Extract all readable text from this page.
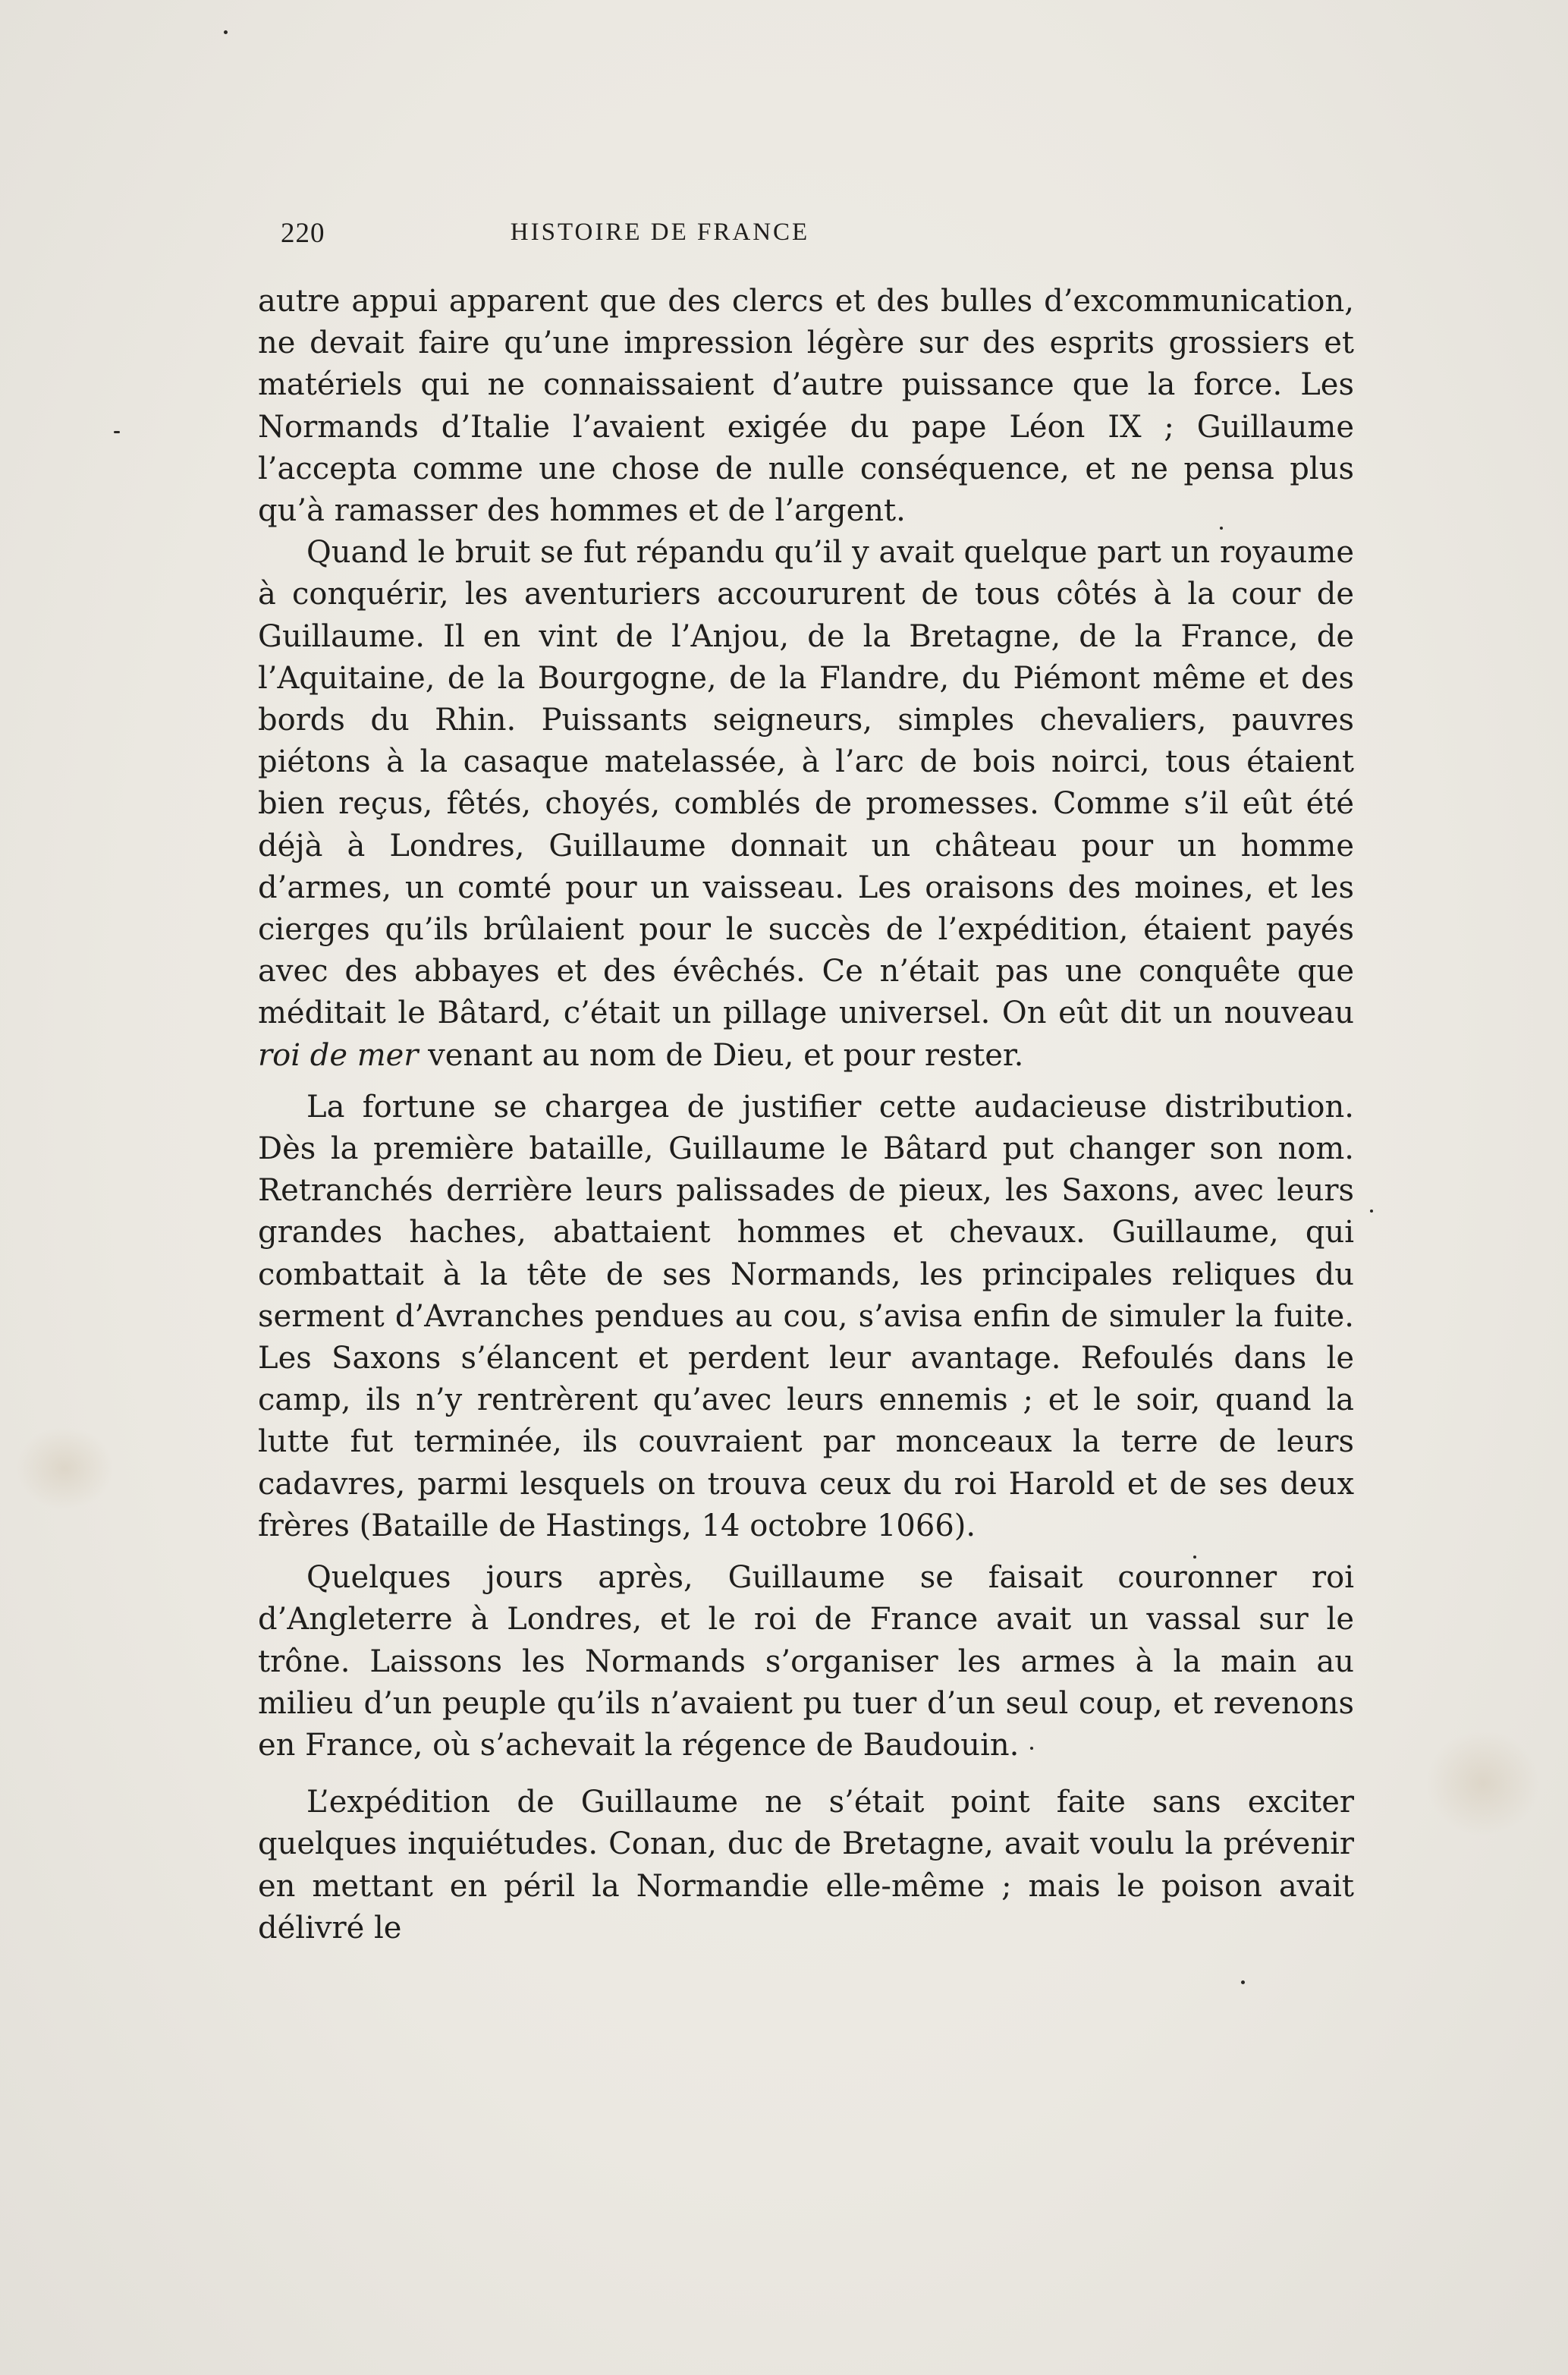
220	HISTOIRE DE FRANCE

autre appui apparent que des clercs et des bulles d’excommunication, ne devait faire qu’une impression légère sur des esprits grossiers et matériels qui ne connaissaient d’autre puissance que la force. Les Normands d’Italie l’avaient exigée du pape Léon IX ; Guillaume l’accepta comme une chose de nulle conséquence, et ne pensa plus qu’à ramasser des hommes et de l’argent.

Quand le bruit se fut répandu qu’il y avait quelque part un royaume à conquérir, les aventuriers accoururent de tous côtés à la cour de Guillaume. Il en vint de l’Anjou, de la Bretagne, de la France, de l’Aquitaine, de la Bourgogne, de la Flandre, du Piémont même et des bords du Rhin. Puissants seigneurs, simples chevaliers, pauvres piétons à la casaque matelassée, à l’arc de bois noirci, tous étaient bien reçus, fêtés, choyés, comblés de promesses. Comme s’il eût été déjà à Londres, Guillaume donnait un château pour un homme d’armes, un comté pour un vaisseau. Les oraisons des moines, et les cierges qu’ils brûlaient pour le succès de l’expédition, étaient payés avec des abbayes et des évêchés. Ce n’était pas une conquête que méditait le Bâtard, c’était un pillage universel. On eût dit un nouveau roi de mer venant au nom de Dieu, et pour rester.

La fortune se chargea de justifier cette audacieuse distribution. Dès la première bataille, Guillaume le Bâtard put changer son nom. Retranchés derrière leurs palissades de pieux, les Saxons, avec leurs grandes haches, abattaient hommes et chevaux. Guillaume, qui combattait à la tête de ses Normands, les principales reliques du serment d’Avranches pendues au cou, s’avisa enfin de simuler la fuite. Les Saxons s’élancent et perdent leur avantage. Refoulés dans le camp, ils n’y rentrèrent qu’avec leurs ennemis ; et le soir, quand la lutte fut terminée, ils couvraient par monceaux la terre de leurs cadavres, parmi lesquels on trouva ceux du roi Harold et de ses deux frères (Bataille de Hastings, 14 octobre 1066).

Quelques jours après, Guillaume se faisait couronner roi d’Angleterre à Londres, et le roi de France avait un vassal sur le trône. Laissons les Normands s’organiser les armes à la main au milieu d’un peuple qu’ils n’avaient pu tuer d’un seul coup, et revenons en France, où s’achevait la régence de Baudouin.

L’expédition de Guillaume ne s’était point faite sans exciter quelques inquiétudes. Conan, duc de Bretagne, avait voulu la prévenir en mettant en péril la Normandie elle-même ; mais le poison avait délivré le
